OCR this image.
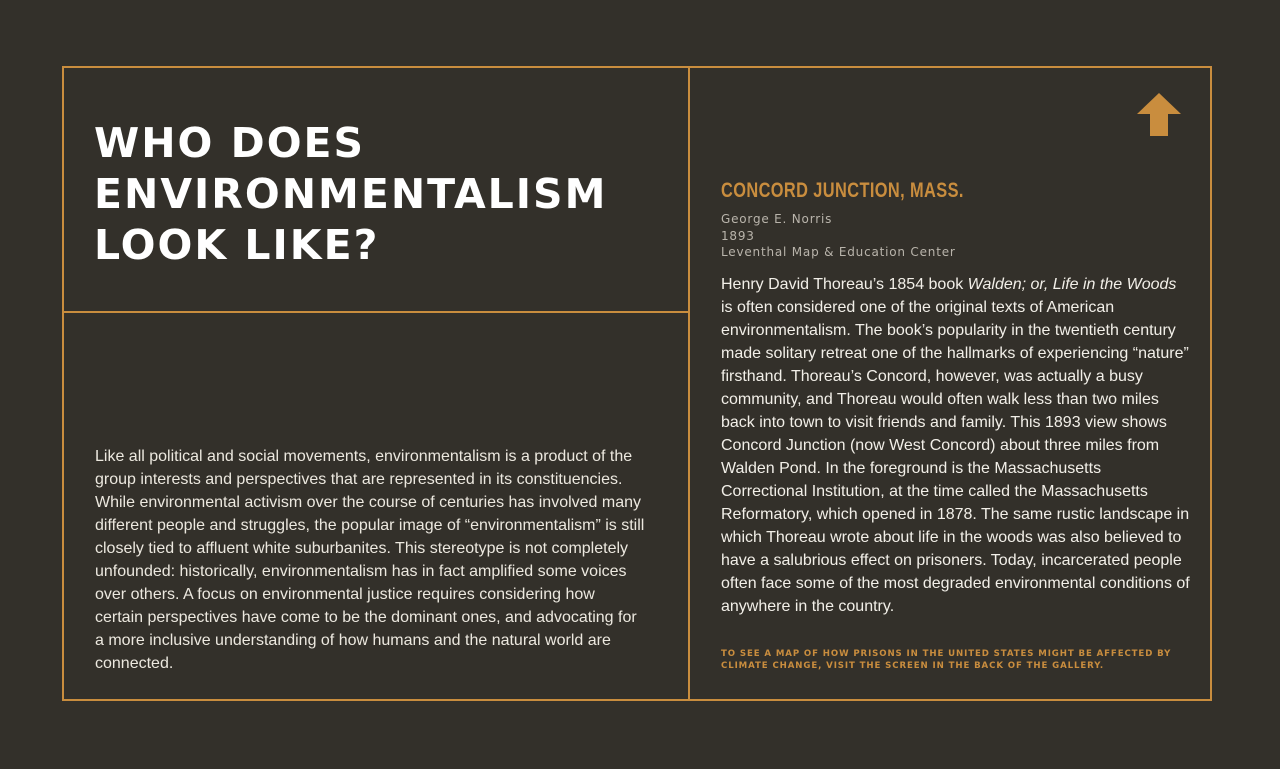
WHO DOES ENVIRONMENTALISM LOOK LIKE?

Like all political and social movements, environmentalism is a product of the group interests and perspectives that are represented in its constituencies. While environmental activism over the course of centuries has involved many different people and struggles, the popular image of “environmentalism” is still closely tied to affluent white suburbanites. This stereotype is not completely unfounded: historically, environmentalism has in fact amplified some voices over others. A focus on environmental justice requires considering how certain perspectives have come to be the dominant ones, and advocating for a more inclusive understanding of how humans and the natural world are connected.

CONCORD JUNCTION, MASS.
George E. Norris
1893
Leventhal Map & Education Center

Henry David Thoreau’s 1854 book Walden; or, Life in the Woods is often considered one of the original texts of American environmentalism. The book’s popularity in the twentieth century made solitary retreat one of the hallmarks of experiencing “nature” firsthand. Thoreau’s Concord, however, was actually a busy community, and Thoreau would often walk less than two miles back into town to visit friends and family. This 1893 view shows Concord Junction (now West Concord) about three miles from Walden Pond. In the foreground is the Massachusetts Correctional Institution, at the time called the Massachusetts Reformatory, which opened in 1878. The same rustic landscape in which Thoreau wrote about life in the woods was also believed to have a salubrious effect on prisoners. Today, incarcerated people often face some of the most degraded environmental conditions of anywhere in the country.

TO SEE A MAP OF HOW PRISONS IN THE UNITED STATES MIGHT BE AFFECTED BY CLIMATE CHANGE, VISIT THE SCREEN IN THE BACK OF THE GALLERY.
